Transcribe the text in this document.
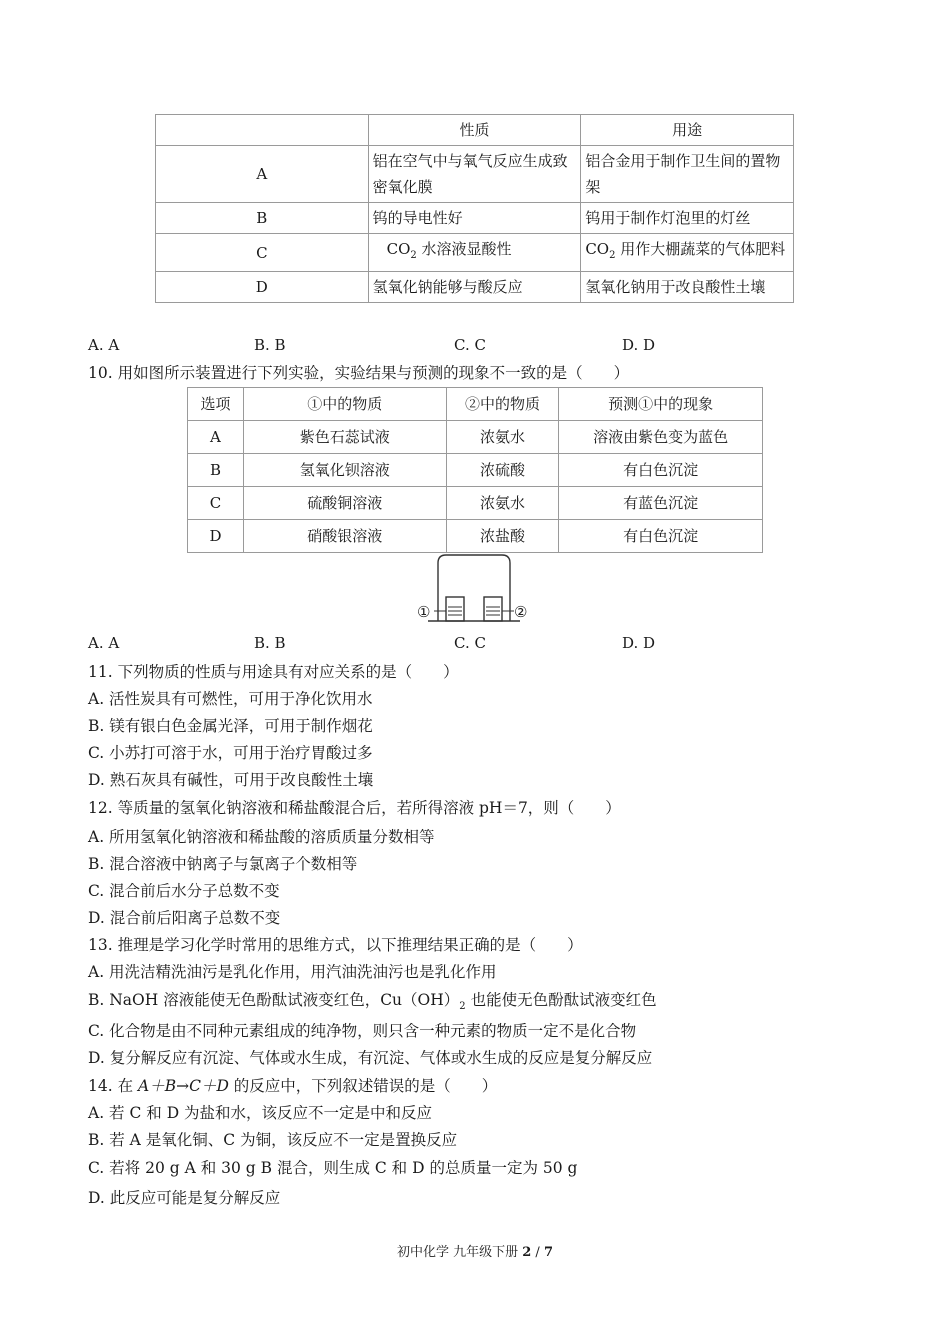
	性质	用途
A	铝在空气中与氧气反应生成致密氧化膜	铝合金用于制作卫生间的置物架
B	钨的导电性好	钨用于制作灯泡里的灯丝
C	$CO_2$ 水溶液显酸性	$CO_2$ 用作大棚蔬菜的气体肥料
D	氢氧化钠能够与酸反应	氢氧化钠用于改良酸性土壤
A. A	B. B	C. C	D. D
10. 用如图所示装置进行下列实验，实验结果与预测的现象不一致的是（　　）
选项	①中的物质	②中的物质	预测①中的现象
A	紫色石蕊试液	浓氨水	溶液由紫色变为蓝色
B	氢氧化钡溶液	浓硫酸	有白色沉淀
C	硫酸铜溶液	浓氨水	有蓝色沉淀
D	硝酸银溶液	浓盐酸	有白色沉淀
①	②
A. A	B. B	C. C	D. D
11. 下列物质的性质与用途具有对应关系的是（　　）
A. 活性炭具有可燃性，可用于净化饮用水
B. 镁有银白色金属光泽，可用于制作烟花
C. 小苏打可溶于水，可用于治疗胃酸过多
D. 熟石灰具有碱性，可用于改良酸性土壤
12. 等质量的氢氧化钠溶液和稀盐酸混合后，若所得溶液 pH＝7，则（　　）
A. 所用氢氧化钠溶液和稀盐酸的溶质质量分数相等
B. 混合溶液中钠离子与氯离子个数相等
C. 混合前后水分子总数不变
D. 混合前后阳离子总数不变
13. 推理是学习化学时常用的思维方式，以下推理结果正确的是（　　）
A. 用洗洁精洗油污是乳化作用，用汽油洗油污也是乳化作用
B. NaOH 溶液能使无色酚酞试液变红色，$Cu(OH)_2$ 也能使无色酚酞试液变红色
C. 化合物是由不同种元素组成的纯净物，则只含一种元素的物质一定不是化合物
D. 复分解反应有沉淀、气体或水生成，有沉淀、气体或水生成的反应是复分解反应
14. 在 A＋B→C＋D 的反应中，下列叙述错误的是（　　）
A. 若 C 和 D 为盐和水，该反应不一定是中和反应
B. 若 A 是氧化铜、C 为铜，该反应不一定是置换反应
C. 若将 20 g A 和 30 g B 混合，则生成 C 和 D 的总质量一定为 50 g
D. 此反应可能是复分解反应
初中化学 九年级下册 2 / 7
